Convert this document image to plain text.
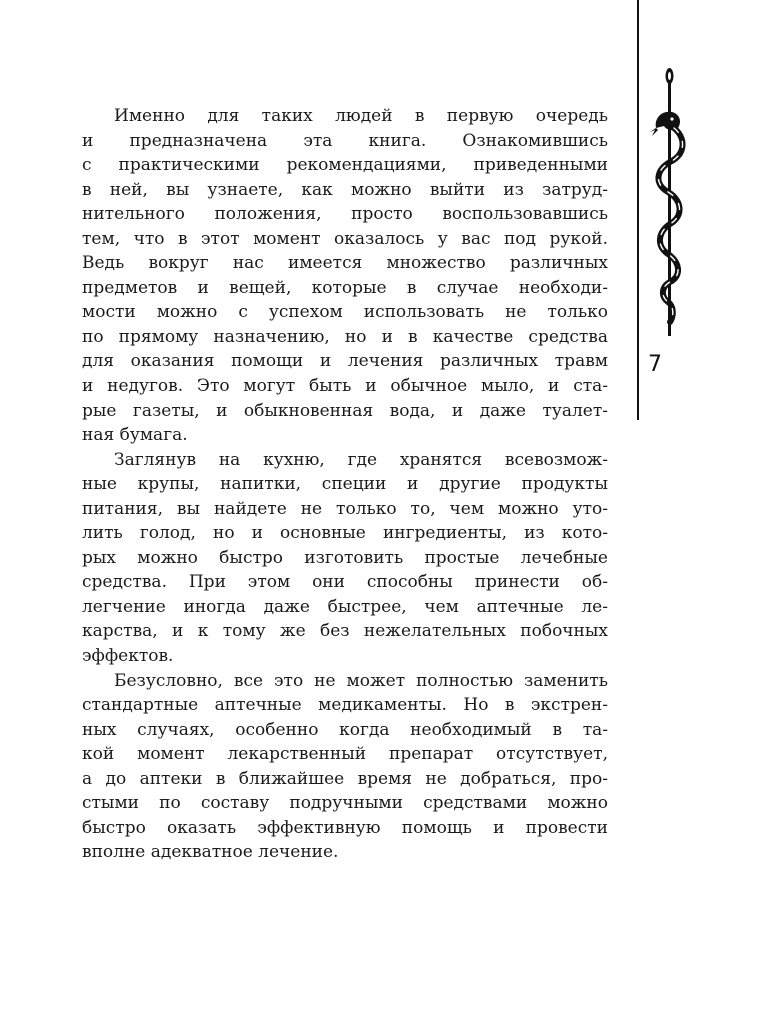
Именно для таких людей в первую очередь
и предназначена эта книга. Ознакомившись
с практическими рекомендациями, приведенными
в ней, вы узнаете, как можно выйти из затруд-
нительного положения, просто воспользовавшись
тем, что в этот момент оказалось у вас под рукой.
Ведь вокруг нас имеется множество различных
предметов и вещей, которые в случае необходи-
мости можно с успехом использовать не только
по прямому назначению, но и в качестве средства
для оказания помощи и лечения различных травм
и недугов. Это могут быть и обычное мыло, и ста-
рые газеты, и обыкновенная вода, и даже туалет-
ная бумага.
Заглянув на кухню, где хранятся всевозмож-
ные крупы, напитки, специи и другие продукты
питания, вы найдете не только то, чем можно уто-
лить голод, но и основные ингредиенты, из кото-
рых можно быстро изготовить простые лечебные
средства. При этом они способны принести об-
легчение иногда даже быстрее, чем аптечные ле-
карства, и к тому же без нежелательных побочных
эффектов.
Безусловно, все это не может полностью заменить
стандартные аптечные медикаменты. Но в экстрен-
ных случаях, особенно когда необходимый в та-
кой момент лекарственный препарат отсутствует,
а до аптеки в ближайшее время не добраться, про-
стыми по составу подручными средствами можно
быстро оказать эффективную помощь и провести
вполне адекватное лечение.
7
